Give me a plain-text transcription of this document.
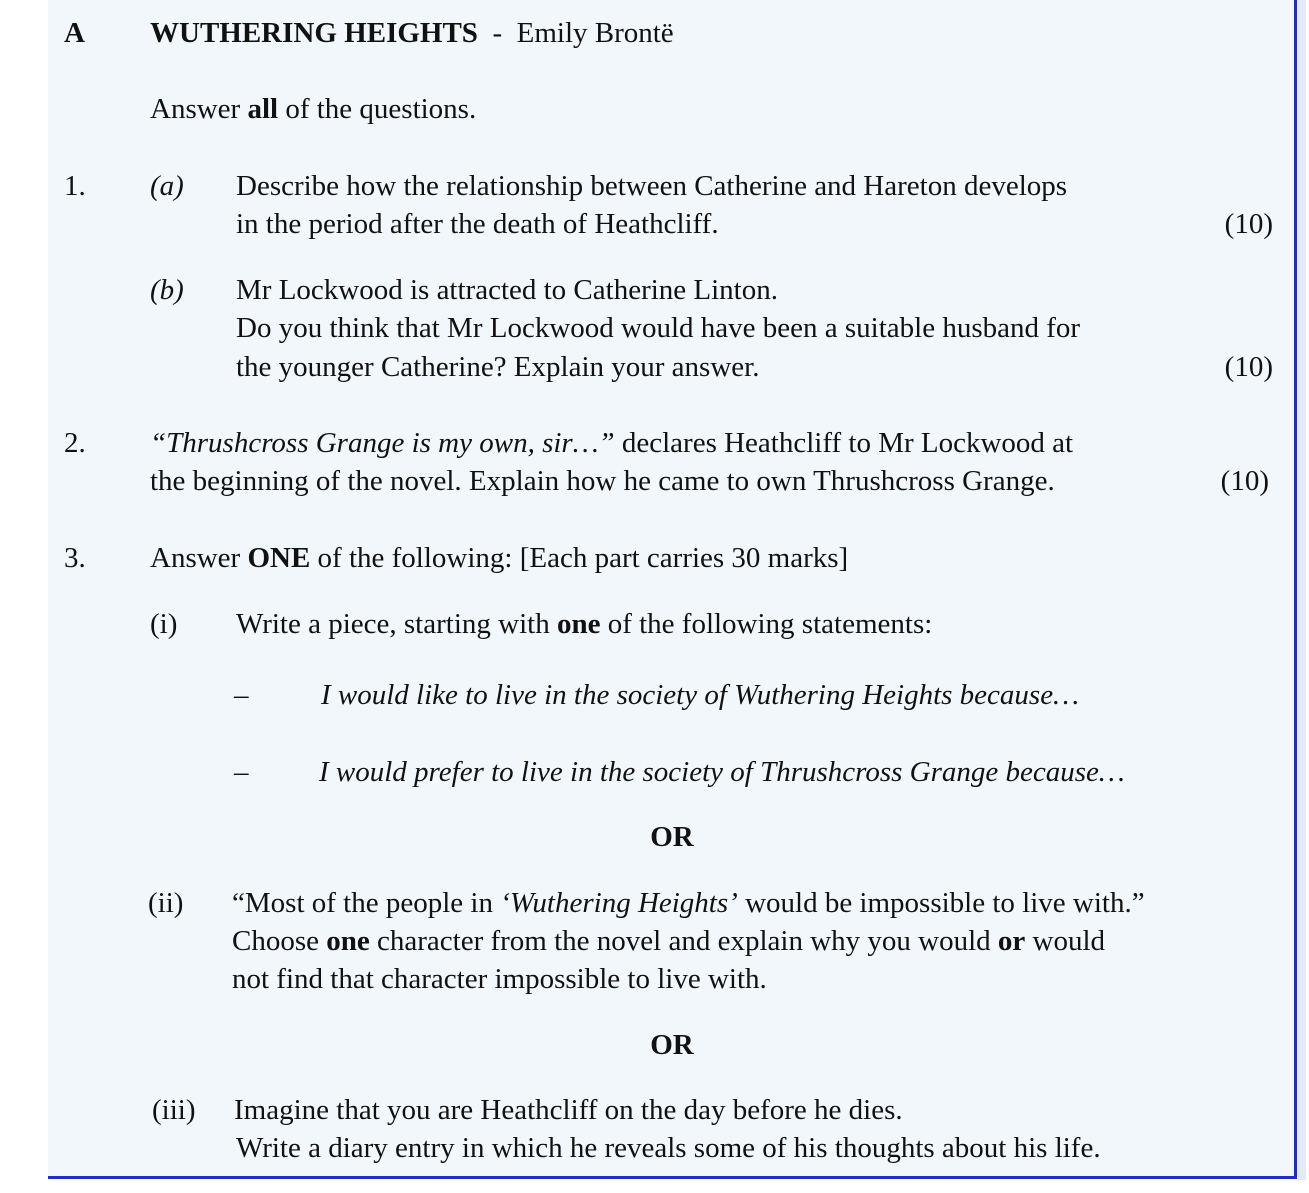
A WUTHERING HEIGHTS - Emily Brontë
Answer all of the questions.
1. (a) Describe how the relationship between Catherine and Hareton develops
in the period after the death of Heathcliff.	(10)
(b) Mr Lockwood is attracted to Catherine Linton.
Do you think that Mr Lockwood would have been a suitable husband for
the younger Catherine? Explain your answer.	(10)
2. “Thrushcross Grange is my own, sir…” declares Heathcliff to Mr Lockwood at
the beginning of the novel. Explain how he came to own Thrushcross Grange.	(10)
3. Answer ONE of the following: [Each part carries 30 marks]
(i) Write a piece, starting with one of the following statements:
–	I would like to live in the society of Wuthering Heights because…
– I would prefer to live in the society of Thrushcross Grange because…
OR
(ii) “Most of the people in ‘Wuthering Heights’ would be impossible to live with.”
Choose one character from the novel and explain why you would or would
not find that character impossible to live with.
OR
(iii) Imagine that you are Heathcliff on the day before he dies.
Write a diary entry in which he reveals some of his thoughts about his life.
